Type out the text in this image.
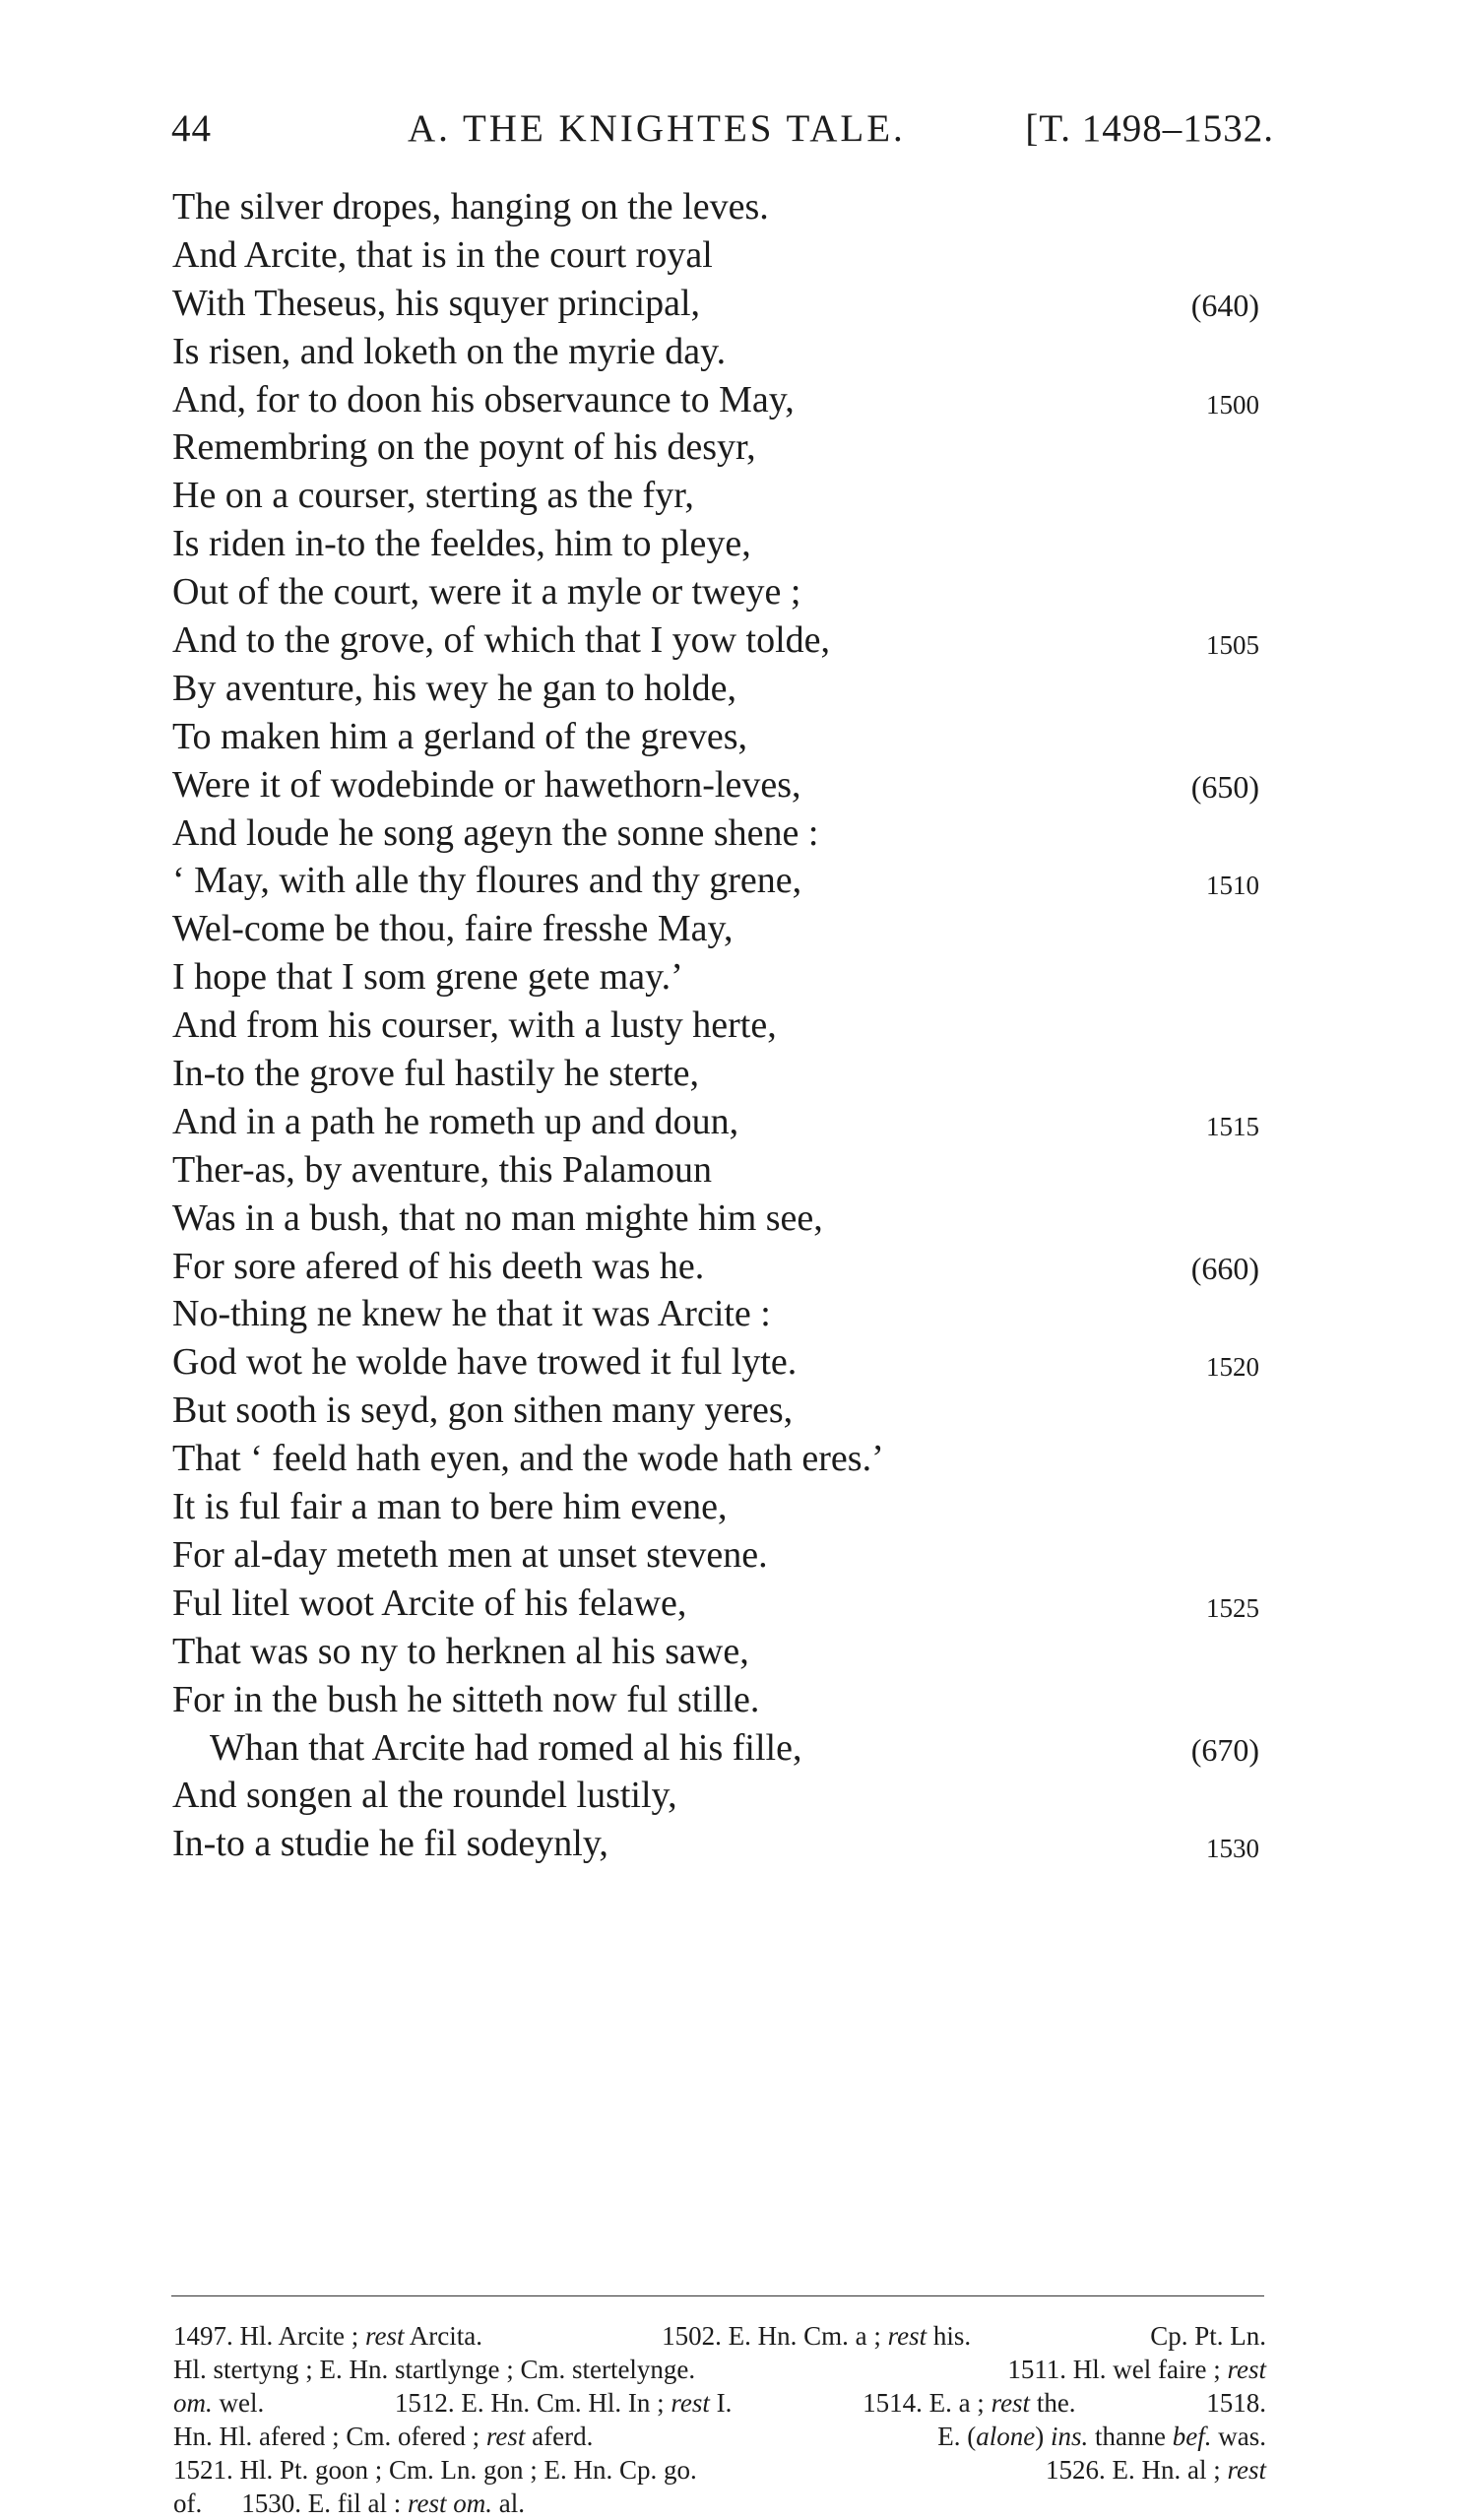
44	A. THE KNIGHTES TALE.	[T. 1498–1532.
The silver dropes, hanging on the leves.
And Arcite, that is in the court royal
With Theseus, his squyer principal,	(640)
Is risen, and loketh on the myrie day.
And, for to doon his observaunce to May,	1500
Remembring on the poynt of his desyr,
He on a courser, sterting as the fyr,
Is riden in-to the feeldes, him to pleye,
Out of the court, were it a myle or tweye ;
And to the grove, of which that I yow tolde,	1505
By aventure, his wey he gan to holde,
To maken him a gerland of the greves,
Were it of wodebinde or hawethorn-leves,	(650)
And loude he song ageyn the sonne shene :
‘ May, with alle thy floures and thy grene,	1510
Wel-come be thou, faire fresshe May,
I hope that I som grene gete may.’
And from his courser, with a lusty herte,
In-to the grove ful hastily he sterte,
And in a path he rometh up and doun,	1515
Ther-as, by aventure, this Palamoun
Was in a bush, that no man mighte him see,
For sore afered of his deeth was he.	(660)
No-thing ne knew he that it was Arcite :
God wot he wolde have trowed it ful lyte.	1520
But sooth is seyd, gon sithen many yeres,
That ‘ feeld hath eyen, and the wode hath eres.’
It is ful fair a man to bere him evene,
For al-day meteth men at unset stevene.
Ful litel woot Arcite of his felawe,	1525
That was so ny to herknen al his sawe,
For in the bush he sitteth now ful stille.
Whan that Arcite had romed al his fille,	(670)
And songen al the roundel lustily,
In-to a studie he fil sodeynly,	1530
1497. Hl. Arcite ; rest Arcita.	1502. E. Hn. Cm. a ; rest his.	Cp. Pt. Ln.
Hl. stertyng ; E. Hn. startlynge ; Cm. stertelynge.	1511. Hl. wel faire ; rest
om. wel.	1512. E. Hn. Cm. Hl. In ; rest I.	1514. E. a ; rest the.	1518.
Hn. Hl. afered ; Cm. ofered ; rest aferd.	E. (alone) ins. thanne bef. was.
1521. Hl. Pt. goon ; Cm. Ln. gon ; E. Hn. Cp. go.	1526. E. Hn. al ; rest
of. 1530. E. fil al : rest om. al.
